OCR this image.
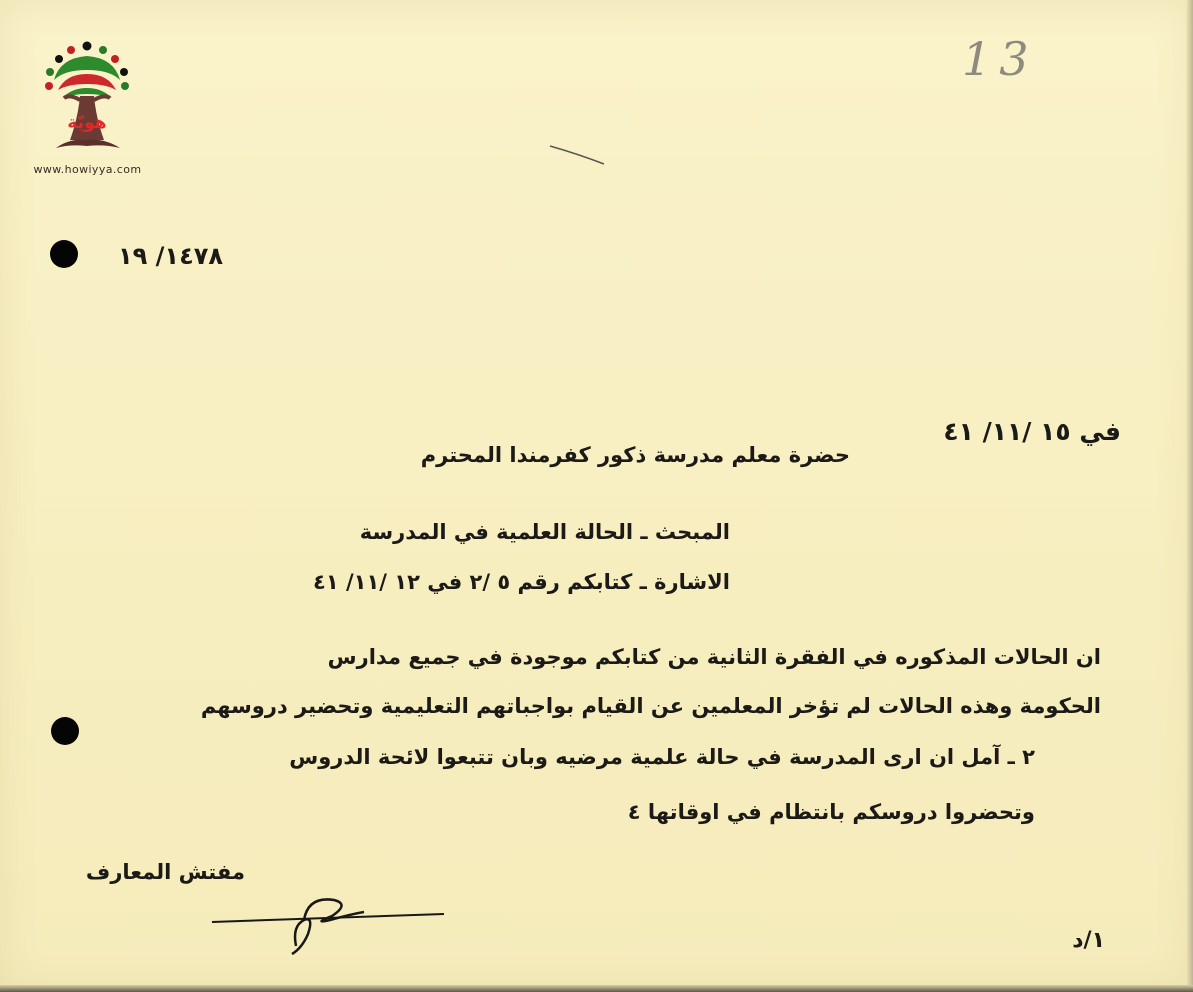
هويّة
www.howiyya.com
13
١٤٧٨/ ١٩
في ١٥ /١١/ ٤١
حضرة معلم مدرسة ذكور كفرمندا المحترم
المبحث ـ الحالة العلمية في المدرسة
الاشارة ـ كتابكم رقم ٥ /٢ في ١٢ /١١/ ٤١
ان الحالات المذكوره في الفقرة الثانية من كتابكم موجودة في جميع مدارس
الحكومة وهذه الحالات لم تؤخر المعلمين عن القيام بواجباتهم التعليمية وتحضير دروسهم
٢ ـ آمل ان ارى المدرسة في حالة علمية مرضيه وبان تتبعوا لائحة الدروس
وتحضروا دروسكم بانتظام في اوقاتها ٤
مفتش المعارف
١/د
